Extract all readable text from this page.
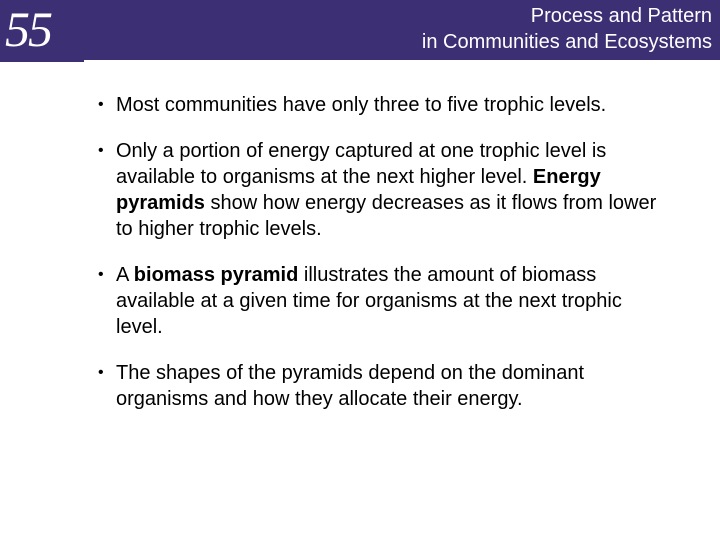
55	Process and Pattern
in Communities and Ecosystems
• Most communities have only three to five trophic levels.
• Only a portion of energy captured at one trophic level is available to organisms at the next higher level. Energy pyramids show how energy decreases as it flows from lower to higher trophic levels.
• A biomass pyramid illustrates the amount of biomass available at a given time for organisms at the next trophic level.
• The shapes of the pyramids depend on the dominant organisms and how they allocate their energy.
